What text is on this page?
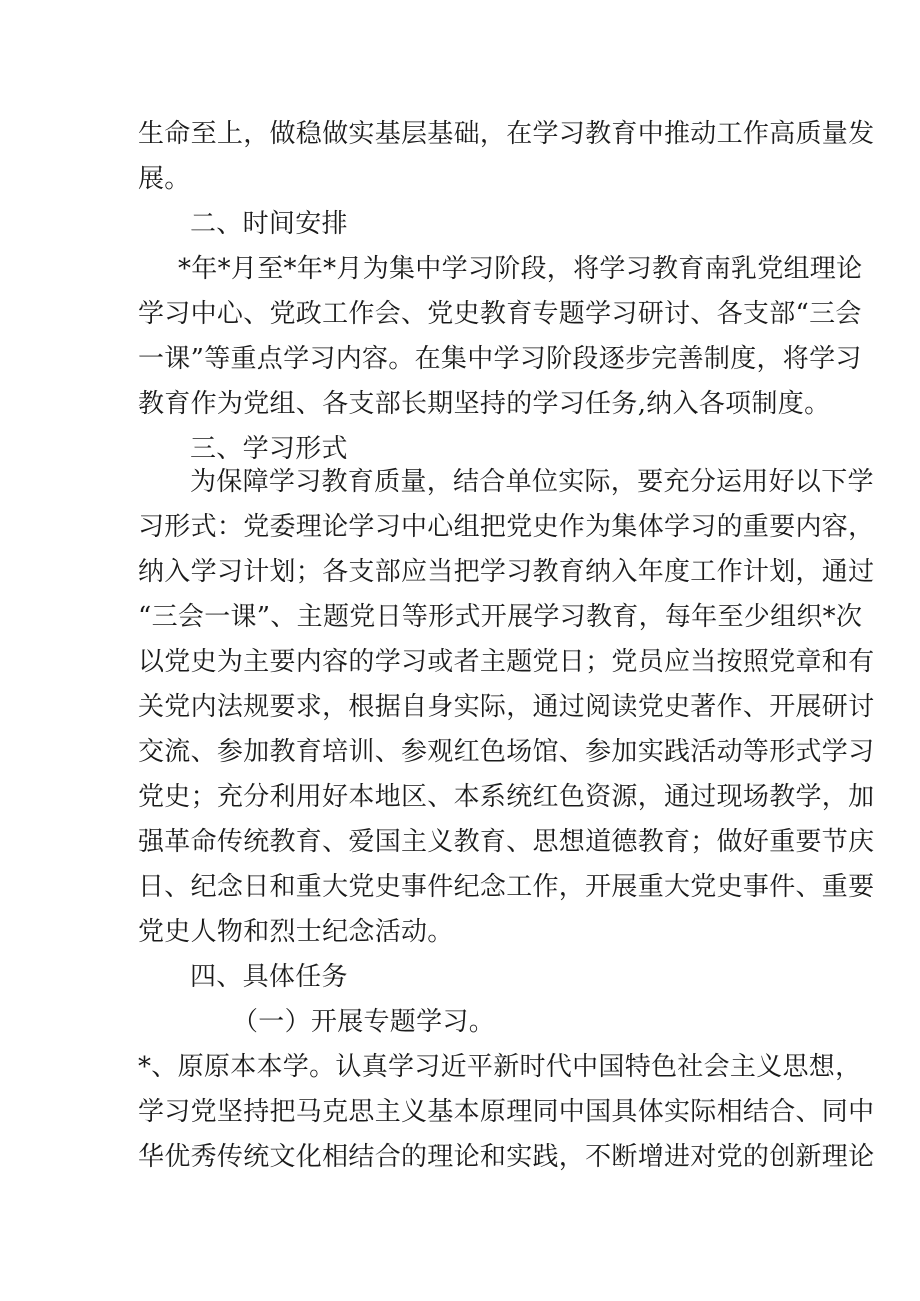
生命至上，做稳做实基层基础，在学习教育中推动工作高质量发
展。
二、时间安排
*年*月至*年*月为集中学习阶段，将学习教育南乳党组理论
学习中心、党政工作会、党史教育专题学习研讨、各支部“三会
一课”等重点学习内容。在集中学习阶段逐步完善制度，将学习
教育作为党组、各支部长期坚持的学习任务,纳入各项制度。
三、学习形式
为保障学习教育质量，结合单位实际，要充分运用好以下学
习形式：党委理论学习中心组把党史作为集体学习的重要内容，
纳入学习计划；各支部应当把学习教育纳入年度工作计划，通过
“三会一课”、主题党日等形式开展学习教育，每年至少组织*次
以党史为主要内容的学习或者主题党日；党员应当按照党章和有
关党内法规要求，根据自身实际，通过阅读党史著作、开展研讨
交流、参加教育培训、参观红色场馆、参加实践活动等形式学习
党史；充分利用好本地区、本系统红色资源，通过现场教学，加
强革命传统教育、爱国主义教育、思想道德教育；做好重要节庆
日、纪念日和重大党史事件纪念工作，开展重大党史事件、重要
党史人物和烈士纪念活动。
四、具体任务
（一）开展专题学习。
*、原原本本学。认真学习近平新时代中国特色社会主义思想，
学习党坚持把马克思主义基本原理同中国具体实际相结合、同中
华优秀传统文化相结合的理论和实践，不断增进对党的创新理论
